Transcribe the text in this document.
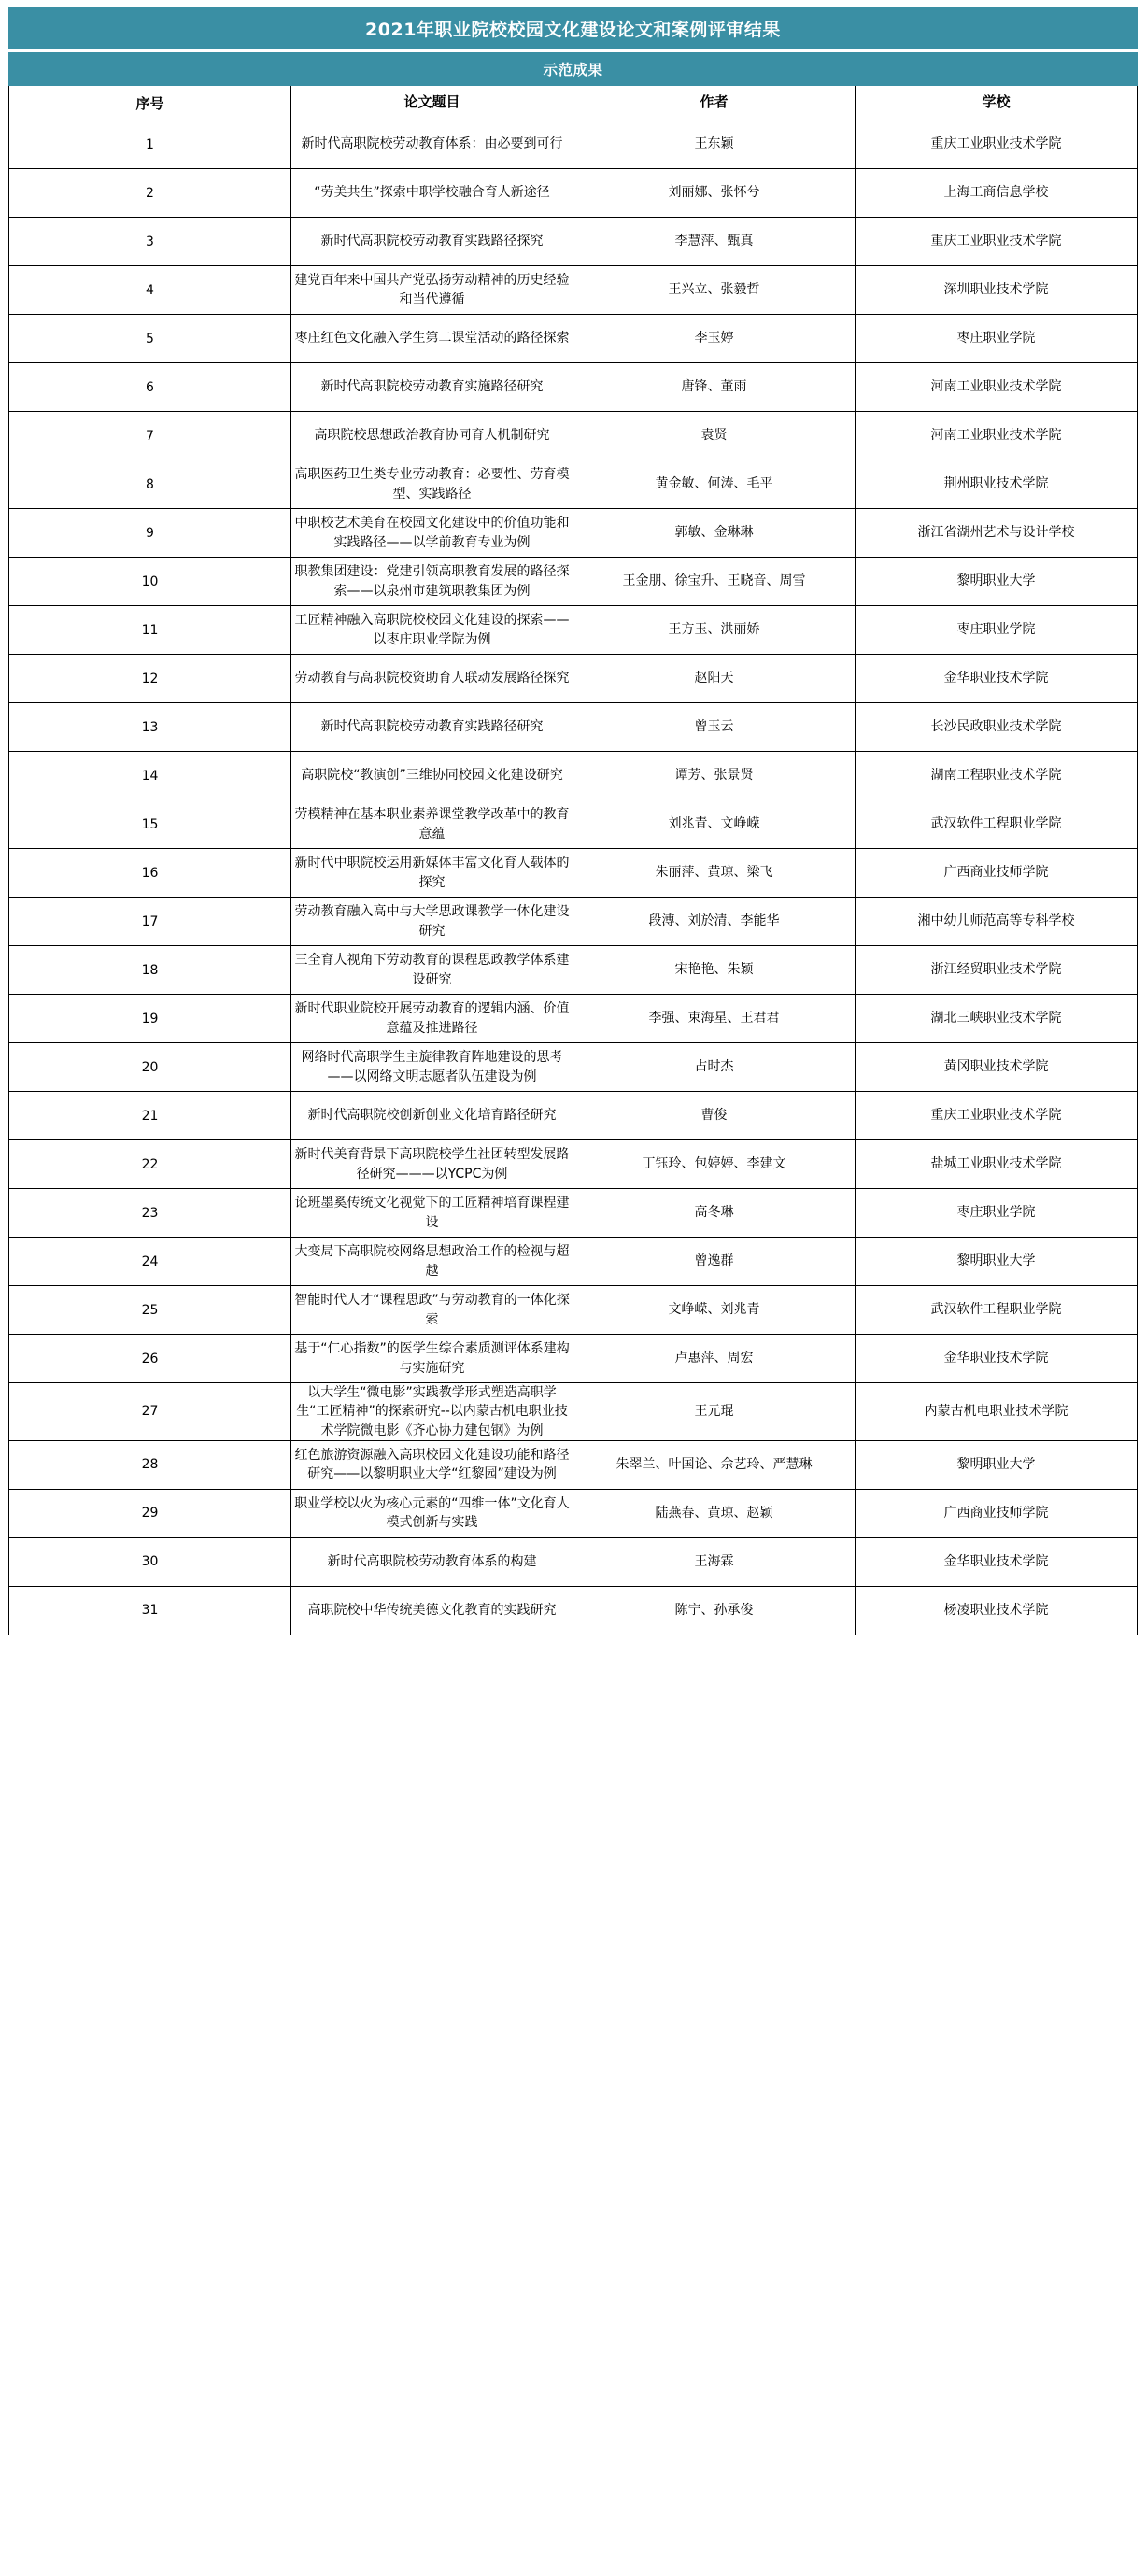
2021年职业院校校园文化建设论文和案例评审结果			

示范成果			
序号	论文题目	作者	学校
1	新时代高职院校劳动教育体系：由必要到可行	王东颖	重庆工业职业技术学院
2	“劳美共生”探索中职学校融合育人新途径	刘丽娜、张怀兮	上海工商信息学校
3	新时代高职院校劳动教育实践路径探究	李慧萍、甄真	重庆工业职业技术学院
4	建党百年来中国共产党弘扬劳动精神的历史经验和当代遵循	王兴立、张毅哲	深圳职业技术学院
5	枣庄红色文化融入学生第二课堂活动的路径探索	李玉婷	枣庄职业学院
6	新时代高职院校劳动教育实施路径研究	唐锋、董雨	河南工业职业技术学院
7	高职院校思想政治教育协同育人机制研究	袁贤	河南工业职业技术学院
8	高职医药卫生类专业劳动教育：必要性、劳育模型、实践路径	黄金敏、何涛、毛平	荆州职业技术学院
9	中职校艺术美育在校园文化建设中的价值功能和实践路径——以学前教育专业为例	郭敏、金琳琳	浙江省湖州艺术与设计学校
10	职教集团建设：党建引领高职教育发展的路径探索——以泉州市建筑职教集团为例	王金朋、徐宝升、王晓音、周雪	黎明职业大学
11	工匠精神融入高职院校校园文化建设的探索——以枣庄职业学院为例	王方玉、洪丽娇	枣庄职业学院
12	劳动教育与高职院校资助育人联动发展路径探究	赵阳天	金华职业技术学院
13	新时代高职院校劳动教育实践路径研究	曾玉云	长沙民政职业技术学院
14	高职院校“教演创”三维协同校园文化建设研究	谭芳、张景贤	湖南工程职业技术学院
15	劳模精神在基本职业素养课堂教学改革中的教育意蕴	刘兆青、文峥嵘	武汉软件工程职业学院
16	新时代中职院校运用新媒体丰富文化育人载体的探究	朱丽萍、黄琼、梁飞	广西商业技师学院
17	劳动教育融入高中与大学思政课教学一体化建设研究	段溥、刘於清、李能华	湘中幼儿师范高等专科学校
18	三全育人视角下劳动教育的课程思政教学体系建设研究	宋艳艳、朱颖	浙江经贸职业技术学院
19	新时代职业院校开展劳动教育的逻辑内涵、价值意蕴及推进路径	李强、束海星、王君君	湖北三峡职业技术学院
20	网络时代高职学生主旋律教育阵地建设的思考——以网络文明志愿者队伍建设为例	占时杰	黄冈职业技术学院
21	新时代高职院校创新创业文化培育路径研究	曹俊	重庆工业职业技术学院
22	新时代美育背景下高职院校学生社团转型发展路径研究———以YCPC为例	丁钰玲、包婷婷、李建文	盐城工业职业技术学院
23	论班墨奚传统文化视觉下的工匠精神培育课程建设	高冬琳	枣庄职业学院
24	大变局下高职院校网络思想政治工作的检视与超越	曾逸群	黎明职业大学
25	智能时代人才“课程思政”与劳动教育的一体化探索	文峥嵘、刘兆青	武汉软件工程职业学院
26	基于“仁心指数”的医学生综合素质测评体系建构与实施研究	卢惠萍、周宏	金华职业技术学院
27	以大学生“微电影”实践教学形式塑造高职学生“工匠精神”的探索研究--以内蒙古机电职业技术学院微电影《齐心协力建包钢》为例	王元琨	内蒙古机电职业技术学院
28	红色旅游资源融入高职校园文化建设功能和路径研究——以黎明职业大学“红黎园”建设为例	朱翠兰、叶国论、佘艺玲、严慧琳	黎明职业大学
29	职业学校以火为核心元素的“四维一体”文化育人模式创新与实践	陆燕春、黄琼、赵颖	广西商业技师学院
30	新时代高职院校劳动教育体系的构建	王海霖	金华职业技术学院
31	高职院校中华传统美德文化教育的实践研究	陈宁、孙承俊	杨凌职业技术学院
